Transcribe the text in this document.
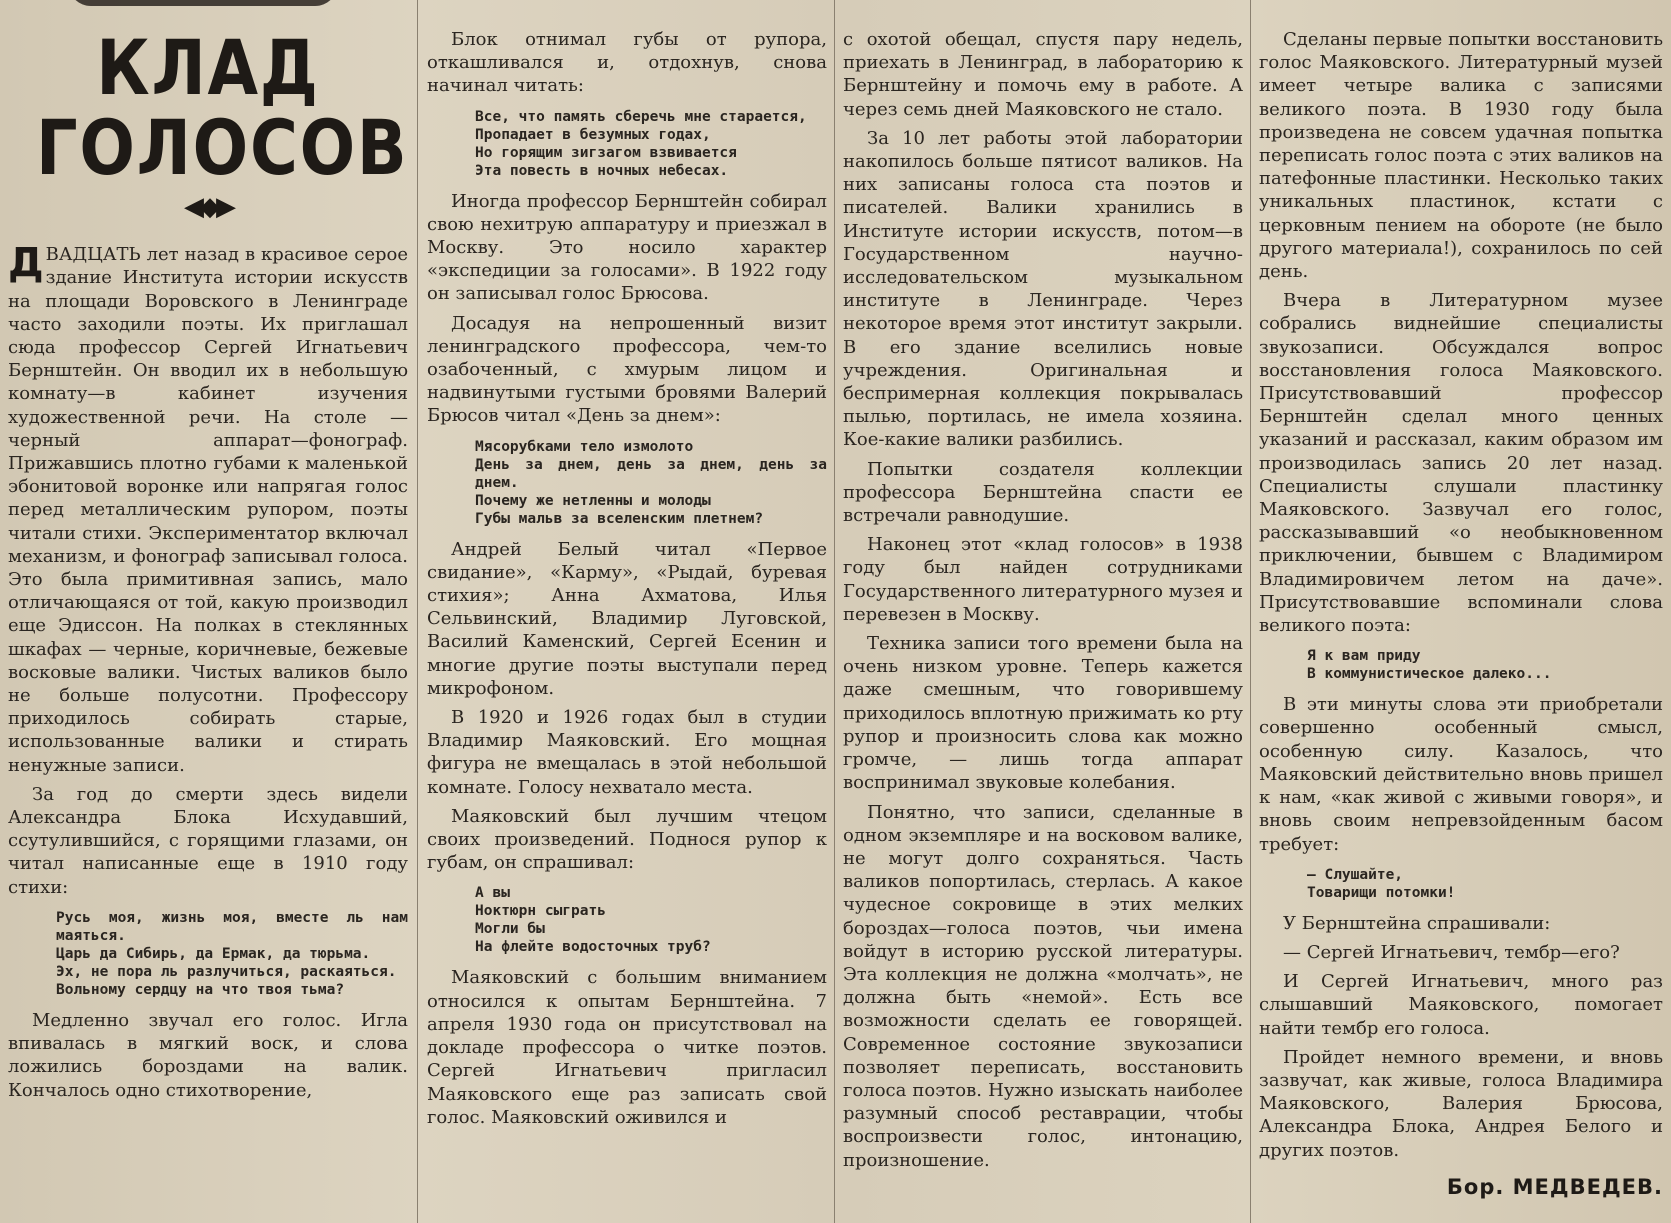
КЛАД
ГОЛОСОВ
◀◆▶

ДВАДЦАТЬ лет назад в красивое серое здание Института истории искусств на площади Воровского в Ленинграде часто заходили поэты. Их приглашал сюда профессор Сергей Игнатьевич Бернштейн. Он вводил их в небольшую комнату—в кабинет изучения художественной речи. На столе — черный аппарат—фонограф. Прижавшись плотно губами к маленькой эбонитовой воронке или напрягая голос перед металлическим рупором, поэты читали стихи. Экспериментатор включал механизм, и фонограф записывал голоса. Это была примитивная запись, мало отличающаяся от той, какую производил еще Эдиссон. На полках в стеклянных шкафах — черные, коричневые, бежевые восковые валики. Чистых валиков было не больше полусотни. Профессору приходилось собирать старые, использованные валики и стирать ненужные записи.

За год до смерти здесь видели Александра Блока Исхудавший, ссутулившийся, с горящими глазами, он читал написанные еще в 1910 году стихи:

Русь моя, жизнь моя, вместе ль нам маяться.
Царь да Сибирь, да Ермак, да тюрьма.
Эх, не пора ль разлучиться, раскаяться.
Вольному сердцу на что твоя тьма?

Медленно звучал его голос. Игла впивалась в мягкий воск, и слова ложились бороздами на валик. Кончалось одно стихотворение,

Блок отнимал губы от рупора, откашливался и, отдохнув, снова начинал читать:

Все, что память сберечь мне старается,
Пропадает в безумных годах,
Но горящим зигзагом взвивается
Эта повесть в ночных небесах.

Иногда профессор Бернштейн собирал свою нехитрую аппаратуру и приезжал в Москву. Это носило характер «экспедиции за голосами». В 1922 году он записывал голос Брюсова.

Досадуя на непрошенный визит ленинградского профессора, чем-то озабоченный, с хмурым лицом и надвинутыми густыми бровями Валерий Брюсов читал «День за днем»:

Мясорубками тело измолото
День за днем, день за днем, день за днем.
Почему же нетленны и молоды
Губы мальв за вселенским плетнем?

Андрей Белый читал «Первое свидание», «Карму», «Рыдай, буревая стихия»; Анна Ахматова, Илья Сельвинский, Владимир Луговской, Василий Каменский, Сергей Есенин и многие другие поэты выступали перед микрофоном.

В 1920 и 1926 годах был в студии Владимир Маяковский. Его мощная фигура не вмещалась в этой небольшой комнате. Голосу нехватало места.

Маяковский был лучшим чтецом своих произведений. Поднося рупор к губам, он спрашивал:

А вы
Ноктюрн сыграть
Могли бы
На флейте водосточных труб?

Маяковский с большим вниманием относился к опытам Бернштейна. 7 апреля 1930 года он присутствовал на докладе профессора о читке поэтов. Сергей Игнатьевич пригласил Маяковского еще раз записать свой голос. Маяковский оживился и

с охотой обещал, спустя пару недель, приехать в Ленинград, в лабораторию к Бернштейну и помочь ему в работе. А через семь дней Маяковского не стало.

За 10 лет работы этой лаборатории накопилось больше пятисот валиков. На них записаны голоса ста поэтов и писателей. Валики хранились в Институте истории искусств, потом—в Государственном научно-исследовательском музыкальном институте в Ленинграде. Через некоторое время этот институт закрыли. В его здание вселились новые учреждения. Оригинальная и беспримерная коллекция покрывалась пылью, портилась, не имела хозяина. Кое-какие валики разбились.

Попытки создателя коллекции профессора Бернштейна спасти ее встречали равнодушие.

Наконец этот «клад голосов» в 1938 году был найден сотрудниками Государственного литературного музея и перевезен в Москву.

Техника записи того времени была на очень низком уровне. Теперь кажется даже смешным, что говорившему приходилось вплотную прижимать ко рту рупор и произносить слова как можно громче, — лишь тогда аппарат воспринимал звуковые колебания.

Понятно, что записи, сделанные в одном экземпляре и на восковом валике, не могут долго сохраняться. Часть валиков попортилась, стерлась. А какое чудесное сокровище в этих мелких бороздах—голоса поэтов, чьи имена войдут в историю русской литературы. Эта коллекция не должна «молчать», не должна быть «немой». Есть все возможности сделать ее говорящей. Современное состояние звукозаписи позволяет переписать, восстановить голоса поэтов. Нужно изыскать наиболее разумный способ реставрации, чтобы воспроизвести голос, интонацию, произношение.

Сделаны первые попытки восстановить голос Маяковского. Литературный музей имеет четыре валика с записями великого поэта. В 1930 году была произведена не совсем удачная попытка переписать голос поэта с этих валиков на патефонные пластинки. Несколько таких уникальных пластинок, кстати с церковным пением на обороте (не было другого материала!), сохранилось по сей день.

Вчера в Литературном музее собрались виднейшие специалисты звукозаписи. Обсуждался вопрос восстановления голоса Маяковского. Присутствовавший профессор Бернштейн сделал много ценных указаний и рассказал, каким образом им производилась запись 20 лет назад. Специалисты слушали пластинку Маяковского. Зазвучал его голос, рассказывавший «о необыкновенном приключении, бывшем с Владимиром Владимировичем летом на даче». Присутствовавшие вспоминали слова великого поэта:

Я к вам приду
В коммунистическое далеко...

В эти минуты слова эти приобретали совершенно особенный смысл, особенную силу. Казалось, что Маяковский действительно вновь пришел к нам, «как живой с живыми говоря», и вновь своим непревзойденным басом требует:

— Слушайте,
Товарищи потомки!

У Бернштейна спрашивали:

— Сергей Игнатьевич, тембр—его?

И Сергей Игнатьевич, много раз слышавший Маяковского, помогает найти тембр его голоса.

Пройдет немного времени, и вновь зазвучат, как живые, голоса Владимира Маяковского, Валерия Брюсова, Александра Блока, Андрея Белого и других поэтов.

Бор. МЕДВЕДЕВ.
